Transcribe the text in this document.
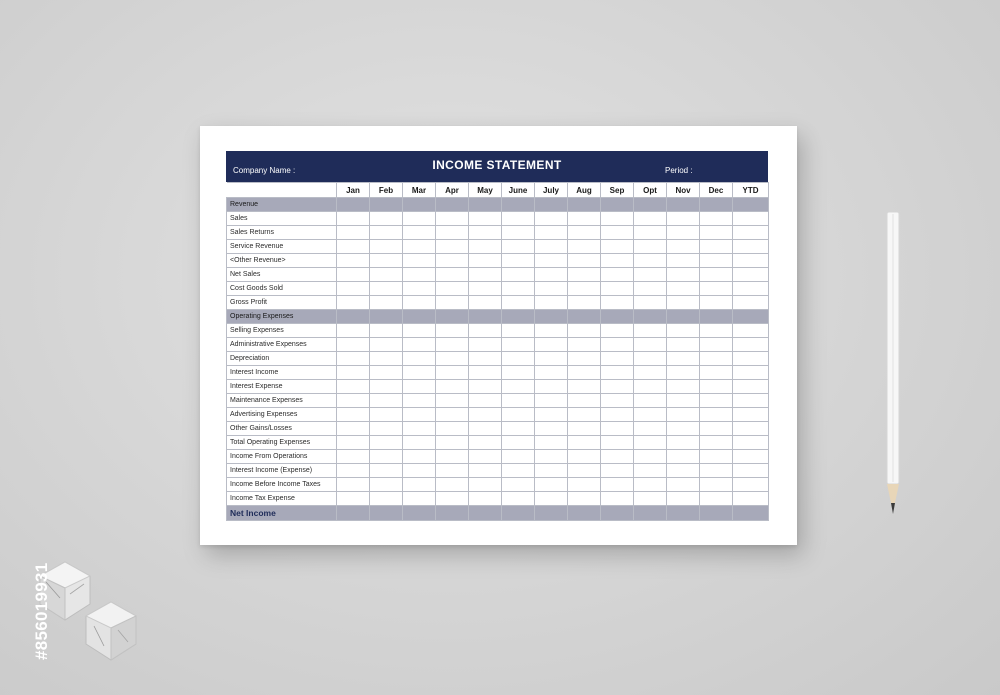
Company Name :	INCOME STATEMENT	Period :
	Jan	Feb	Mar	Apr	May	June	July	Aug	Sep	Opt	Nov	Dec	YTD
Revenue													
Sales													
Sales Returns													
Service Revenue													
<Other Revenue>													
Net Sales													
Cost Goods Sold													
Gross Profit													
Operating Expenses													
Selling Expenses													
Administrative Expenses													
Depreciation													
Interest Income													
Interest Expense													
Maintenance Expenses													
Advertising Expenses													
Other Gains/Losses													
Total Operating Expenses													
Income From Operations													
Interest Income (Expense)													
Income Before Income Taxes													
Income Tax Expense													
Net Income													
#856019931
